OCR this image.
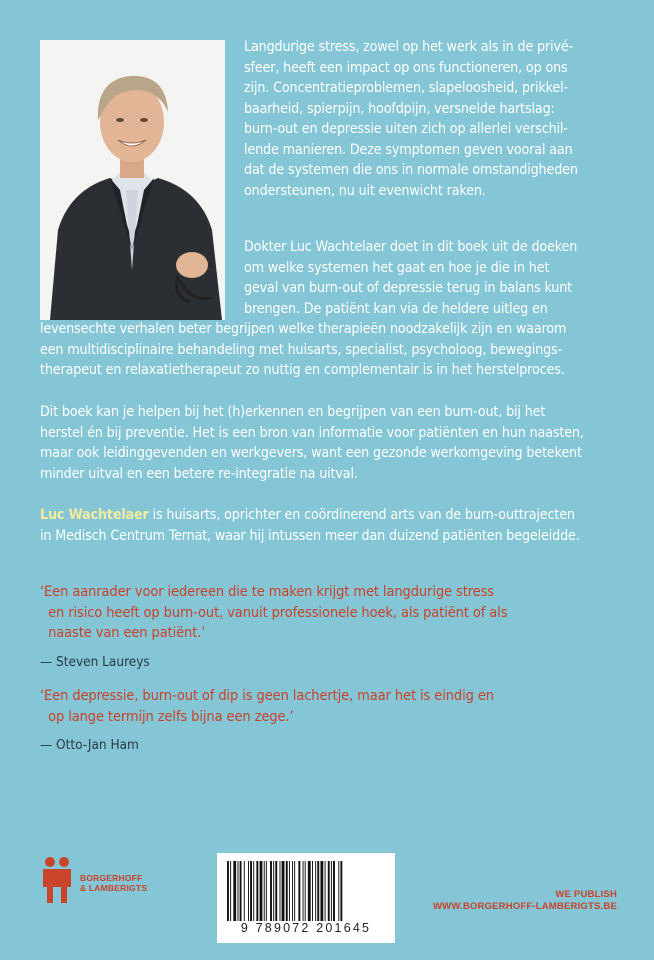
Langdurige stress, zowel op het werk als in de privé-
sfeer, heeft een impact op ons functioneren, op ons
zijn. Concentratieproblemen, slapeloosheid, prikkel-
baarheid, spierpijn, hoofdpijn, versnelde hartslag:
burn-out en depressie uiten zich op allerlei verschil-
lende manieren. Deze symptomen geven vooral aan
dat de systemen die ons in normale omstandigheden
ondersteunen, nu uit evenwicht raken.
Dokter Luc Wachtelaer doet in dit boek uit de doeken
om welke systemen het gaat en hoe je die in het
geval van burn-out of depressie terug in balans kunt
brengen. De patiënt kan via de heldere uitleg en
levensechte verhalen beter begrijpen welke therapieën noodzakelijk zijn en waarom
een multidisciplinaire behandeling met huisarts, specialist, psycholoog, bewegings-
therapeut en relaxatietherapeut zo nuttig en complementair is in het herstelproces.
Dit boek kan je helpen bij het (h)erkennen en begrijpen van een burn-out, bij het
herstel én bij preventie. Het is een bron van informatie voor patiënten en hun naasten,
maar ook leidinggevenden en werkgevers, want een gezonde werkomgeving betekent
minder uitval en een betere re-integratie na uitval.
Luc Wachtelaer is huisarts, oprichter en coördinerend arts van de burn-outtrajecten
in Medisch Centrum Ternat, waar hij intussen meer dan duizend patiënten begeleidde.
‘Een aanrader voor iedereen die te maken krijgt met langdurige stress
en risico heeft op burn-out, vanuit professionele hoek, als patiënt of als
naaste van een patiënt.’
— Steven Laureys
‘Een depressie, burn-out of dip is geen lachertje, maar het is eindig en
op lange termijn zelfs bijna een zege.’
— Otto-Jan Ham
BORGERHOFF
& LAMBERIGTS
9 789072 201645
WE PUBLISH
WWW.BORGERHOFF-LAMBERIGTS.BE
